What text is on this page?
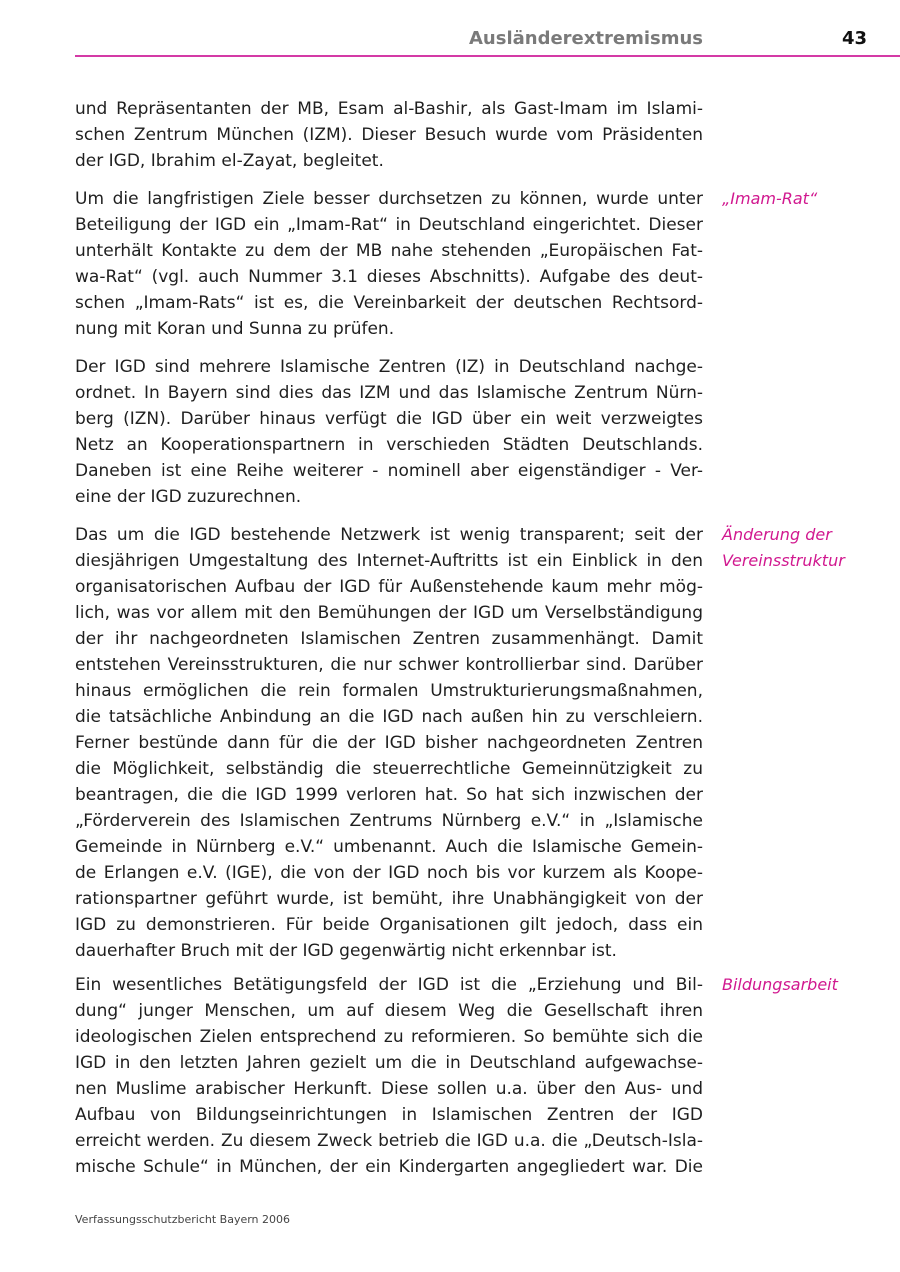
Ausländerextremismus	43
und Repräsentanten der MB, Esam al-Bashir, als Gast-Imam im Islami-
schen Zentrum München (IZM). Dieser Besuch wurde vom Präsidenten
der IGD, Ibrahim el-Zayat, begleitet.
Um die langfristigen Ziele besser durchsetzen zu können, wurde unter
Beteiligung der IGD ein „Imam-Rat“ in Deutschland eingerichtet. Dieser
unterhält Kontakte zu dem der MB nahe stehenden „Europäischen Fat-
wa-Rat“ (vgl. auch Nummer 3.1 dieses Abschnitts). Aufgabe des deut-
schen „Imam-Rats“ ist es, die Vereinbarkeit der deutschen Rechtsord-
nung mit Koran und Sunna zu prüfen.
Der IGD sind mehrere Islamische Zentren (IZ) in Deutschland nachge-
ordnet. In Bayern sind dies das IZM und das Islamische Zentrum Nürn-
berg (IZN). Darüber hinaus verfügt die IGD über ein weit verzweigtes
Netz an Kooperationspartnern in verschieden Städten Deutschlands.
Daneben ist eine Reihe weiterer - nominell aber eigenständiger - Ver-
eine der IGD zuzurechnen.
Das um die IGD bestehende Netzwerk ist wenig transparent; seit der
diesjährigen Umgestaltung des Internet-Auftritts ist ein Einblick in den
organisatorischen Aufbau der IGD für Außenstehende kaum mehr mög-
lich, was vor allem mit den Bemühungen der IGD um Verselbständigung
der ihr nachgeordneten Islamischen Zentren zusammenhängt. Damit
entstehen Vereinsstrukturen, die nur schwer kontrollierbar sind. Darüber
hinaus ermöglichen die rein formalen Umstrukturierungsmaßnahmen,
die tatsächliche Anbindung an die IGD nach außen hin zu verschleiern.
Ferner bestünde dann für die der IGD bisher nachgeordneten Zentren
die Möglichkeit, selbständig die steuerrechtliche Gemeinnützigkeit zu
beantragen, die die IGD 1999 verloren hat. So hat sich inzwischen der
„Förderverein des Islamischen Zentrums Nürnberg e.V.“ in „Islamische
Gemeinde in Nürnberg e.V.“ umbenannt. Auch die Islamische Gemein-
de Erlangen e.V. (IGE), die von der IGD noch bis vor kurzem als Koope-
rationspartner geführt wurde, ist bemüht, ihre Unabhängigkeit von der
IGD zu demonstrieren. Für beide Organisationen gilt jedoch, dass ein
dauerhafter Bruch mit der IGD gegenwärtig nicht erkennbar ist.
Ein wesentliches Betätigungsfeld der IGD ist die „Erziehung und Bil-
dung“ junger Menschen, um auf diesem Weg die Gesellschaft ihren
ideologischen Zielen entsprechend zu reformieren. So bemühte sich die
IGD in den letzten Jahren gezielt um die in Deutschland aufgewachse-
nen Muslime arabischer Herkunft. Diese sollen u.a. über den Aus- und
Aufbau von Bildungseinrichtungen in Islamischen Zentren der IGD
erreicht werden. Zu diesem Zweck betrieb die IGD u.a. die „Deutsch-Isla-
mische Schule“ in München, der ein Kindergarten angegliedert war. Die
„Imam-Rat“
Änderung der
Vereinsstruktur
Bildungsarbeit
Verfassungsschutzbericht Bayern 2006
